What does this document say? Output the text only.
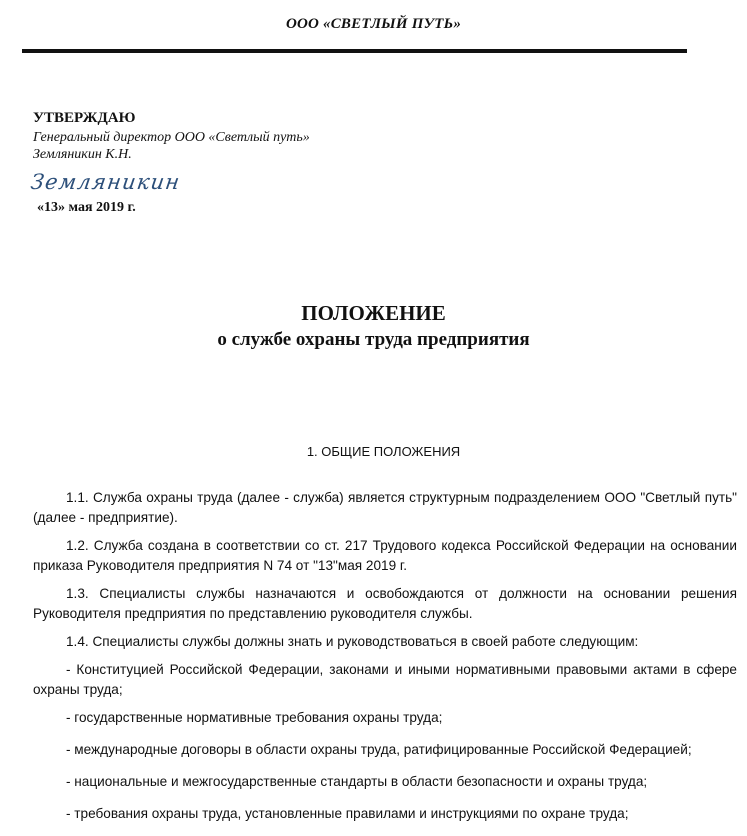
ООО «СВЕТЛЫЙ ПУТЬ»
УТВЕРЖДАЮ
Генеральный директор ООО «Светлый путь» Земляникин К.Н.
Земляникин
«13» мая 2019 г.
ПОЛОЖЕНИЕ
о службе охраны труда предприятия
1. ОБЩИЕ ПОЛОЖЕНИЯ

1.1. Служба охраны труда (далее - служба) является структурным подразделением ООО "Светлый путь" (далее - предприятие).

1.2. Служба создана в соответствии со ст. 217 Трудового кодекса Российской Федерации на основании приказа Руководителя предприятия N 74 от "13"мая 2019 г.

1.3. Специалисты службы назначаются и освобождаются от должности на основании решения Руководителя предприятия по представлению руководителя службы.

1.4. Специалисты службы должны знать и руководствоваться в своей работе следующим:

- Конституцией Российской Федерации, законами и иными нормативными правовыми актами в сфере охраны труда;

- государственные нормативные требования охраны труда;

- международные договоры в области охраны труда, ратифицированные Российской Федерацией;

- национальные и межгосударственные стандарты в области безопасности и охраны труда;

- требования охраны труда, установленные правилами и инструкциями по охране труда;
